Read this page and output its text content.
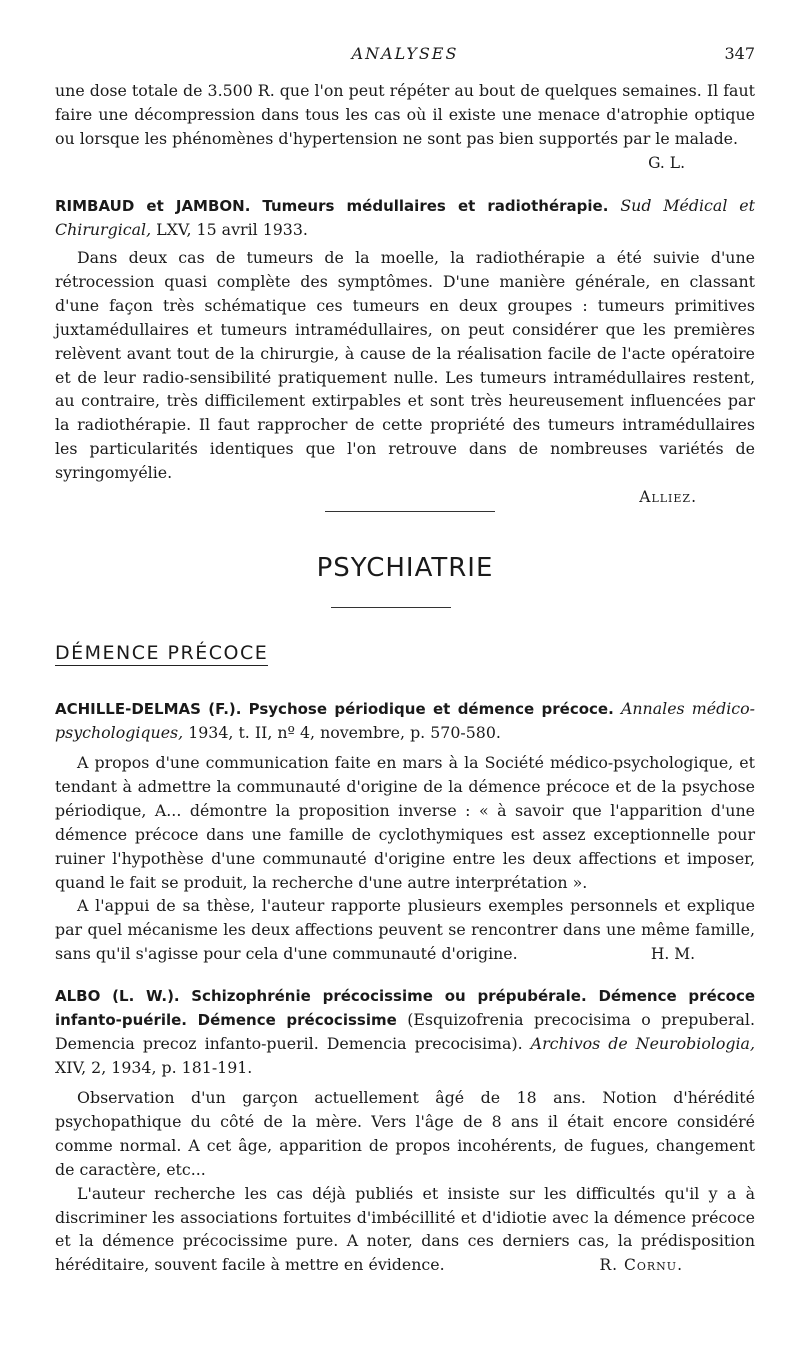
ANALYSES	347

une dose totale de 3.500 R. que l'on peut répéter au bout de quelques semaines. Il faut faire une décompression dans tous les cas où il existe une menace d'atrophie optique ou lorsque les phénomènes d'hypertension ne sont pas bien supportés par le malade.

G. L.

RIMBAUD et JAMBON. Tumeurs médullaires et radiothérapie. Sud Médical et Chirurgical, LXV, 15 avril 1933.

Dans deux cas de tumeurs de la moelle, la radiothérapie a été suivie d'une rétrocession quasi complète des symptômes. D'une manière générale, en classant d'une façon très schématique ces tumeurs en deux groupes : tumeurs primitives juxtamédullaires et tumeurs intramédullaires, on peut considérer que les premières relèvent avant tout de la chirurgie, à cause de la réalisation facile de l'acte opératoire et de leur radio-sensibilité pratiquement nulle. Les tumeurs intramédullaires restent, au contraire, très difficilement extirpables et sont très heureusement influencées par la radiothérapie. Il faut rapprocher de cette propriété des tumeurs intramédullaires les particularités identiques que l'on retrouve dans de nombreuses variétés de syringomyélie.

Alliez.

PSYCHIATRIE
DÉMENCE PRÉCOCE

ACHILLE-DELMAS (F.). Psychose périodique et démence précoce. Annales médico-psychologiques, 1934, t. II, nº 4, novembre, p. 570-580.

A propos d'une communication faite en mars à la Société médico-psychologique, et tendant à admettre la communauté d'origine de la démence précoce et de la psychose périodique, A... démontre la proposition inverse : « à savoir que l'apparition d'une démence précoce dans une famille de cyclothymiques est assez exceptionnelle pour ruiner l'hypothèse d'une communauté d'origine entre les deux affections et imposer, quand le fait se produit, la recherche d'une autre interprétation ».

A l'appui de sa thèse, l'auteur rapporte plusieurs exemples personnels et explique par quel mécanisme les deux affections peuvent se rencontrer dans une même famille, sans qu'il s'agisse pour cela d'une communauté d'origine.	H. M.

ALBO (L. W.). Schizophrénie précocissime ou prépubérale. Démence précoce infanto-puérile. Démence précocissime (Esquizofrenia precocisima o prepuberal. Demencia precoz infanto-pueril. Demencia precocisima). Archivos de Neurobiologia, XIV, 2, 1934, p. 181-191.

Observation d'un garçon actuellement âgé de 18 ans. Notion d'hérédité psychopathique du côté de la mère. Vers l'âge de 8 ans il était encore considéré comme normal. A cet âge, apparition de propos incohérents, de fugues, changement de caractère, etc...

L'auteur recherche les cas déjà publiés et insiste sur les difficultés qu'il y a à discriminer les associations fortuites d'imbécillité et d'idiotie avec la démence précoce et la démence précocissime pure. A noter, dans ces derniers cas, la prédisposition héréditaire, souvent facile à mettre en évidence.	R. Cornu.
